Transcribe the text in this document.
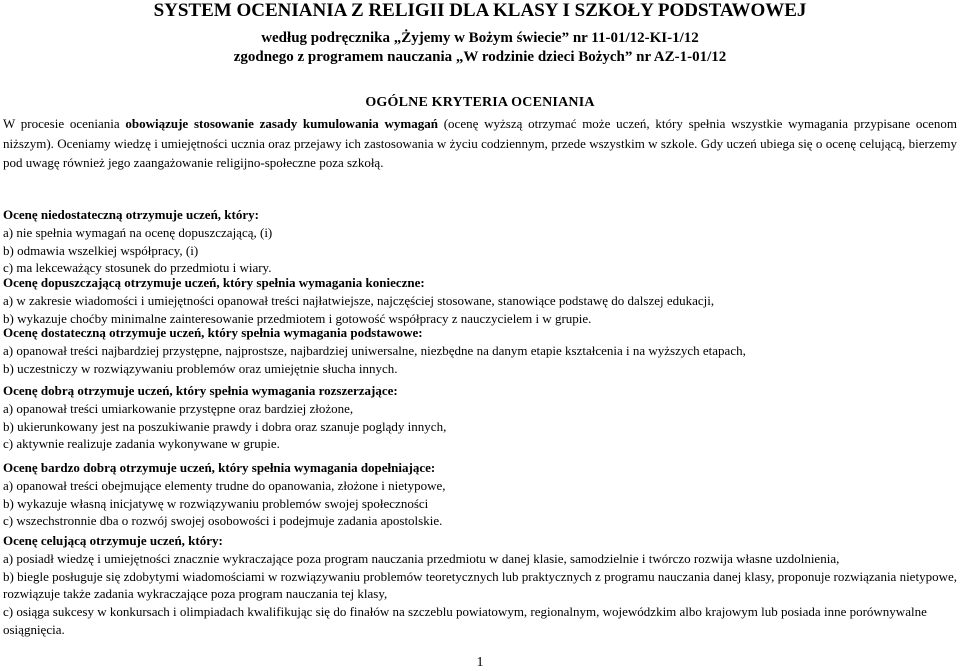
SYSTEM OCENIANIA Z RELIGII DLA KLASY I SZKOŁY PODSTAWOWEJ
według podręcznika „Żyjemy w Bożym świecie” nr 11-01/12-KI-1/12
zgodnego z programem nauczania „W rodzinie dzieci Bożych” nr AZ-1-01/12
OGÓLNE KRYTERIA OCENIANIA
W procesie oceniania obowiązuje stosowanie zasady kumulowania wymagań (ocenę wyższą otrzymać może uczeń, który spełnia wszystkie wymagania przypisane ocenom niższym). Oceniamy wiedzę i umiejętności ucznia oraz przejawy ich zastosowania w życiu codziennym, przede wszystkim w szkole. Gdy uczeń ubiega się o ocenę celującą, bierzemy pod uwagę również jego zaangażowanie religijno-społeczne poza szkołą.
Ocenę niedostateczną otrzymuje uczeń, który:
a) nie spełnia wymagań na ocenę dopuszczającą, (i)
b) odmawia wszelkiej współpracy, (i)
c) ma lekceważący stosunek do przedmiotu i wiary.
Ocenę dopuszczającą otrzymuje uczeń, który spełnia wymagania konieczne:
a) w zakresie wiadomości i umiejętności opanował treści najłatwiejsze, najczęściej stosowane, stanowiące podstawę do dalszej edukacji,
b) wykazuje choćby minimalne zainteresowanie przedmiotem i gotowość współpracy z nauczycielem i w grupie.
Ocenę dostateczną otrzymuje uczeń, który spełnia wymagania podstawowe:
a) opanował treści najbardziej przystępne, najprostsze, najbardziej uniwersalne, niezbędne na danym etapie kształcenia i na wyższych etapach,
b) uczestniczy w rozwiązywaniu problemów oraz umiejętnie słucha innych.
Ocenę dobrą otrzymuje uczeń, który spełnia wymagania rozszerzające:
a) opanował treści umiarkowanie przystępne oraz bardziej złożone,
b) ukierunkowany jest na poszukiwanie prawdy i dobra oraz szanuje poglądy innych,
c) aktywnie realizuje zadania wykonywane w grupie.
Ocenę bardzo dobrą otrzymuje uczeń, który spełnia wymagania dopełniające:
a) opanował treści obejmujące elementy trudne do opanowania, złożone i nietypowe,
b) wykazuje własną inicjatywę w rozwiązywaniu problemów swojej społeczności
c) wszechstronnie dba o rozwój swojej osobowości i podejmuje zadania apostolskie.
Ocenę celującą otrzymuje uczeń, który:
a) posiadł wiedzę i umiejętności znacznie wykraczające poza program nauczania przedmiotu w danej klasie, samodzielnie i twórczo rozwija własne uzdolnienia,
b) biegle posługuje się zdobytymi wiadomościami w rozwiązywaniu problemów teoretycznych lub praktycznych z programu nauczania danej klasy, proponuje rozwiązania nietypowe, rozwiązuje także zadania wykraczające poza program nauczania tej klasy,
c) osiąga sukcesy w konkursach i olimpiadach kwalifikując się do finałów na szczeblu powiatowym, regionalnym, wojewódzkim albo krajowym lub posiada inne porównywalne osiągnięcia.
1
